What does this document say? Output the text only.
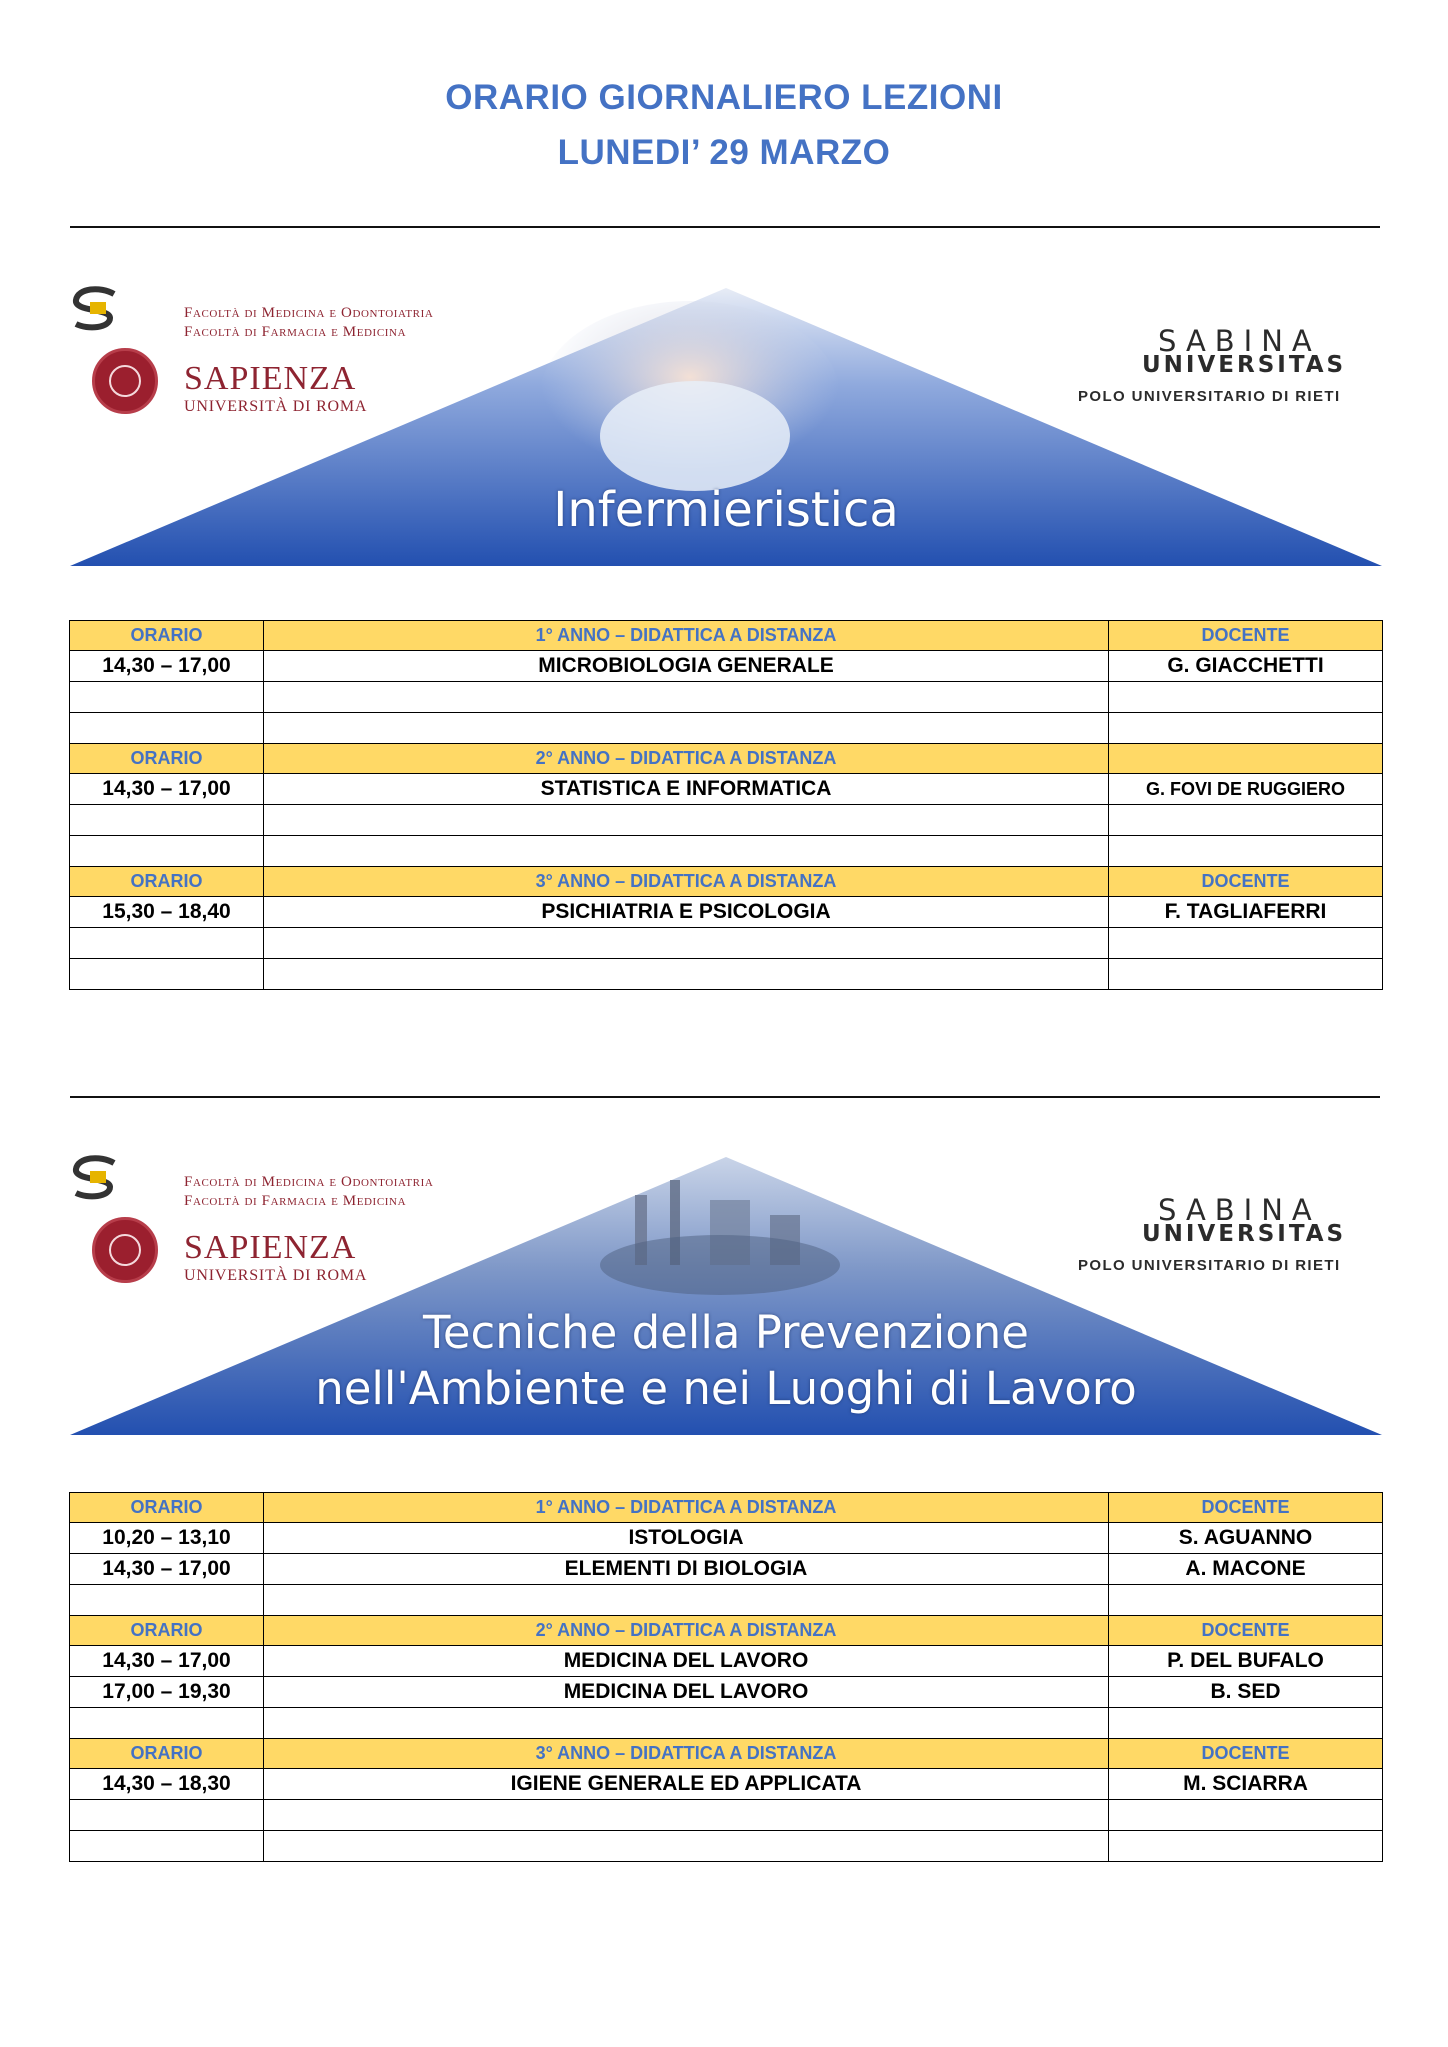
ORARIO GIORNALIERO LEZIONI
LUNEDI’ 29 MARZO
Facoltà di Medicina e Odontoiatria
Facoltà di Farmacia e Medicina
SAPIENZA
UNIVERSITÀ DI ROMA
SABINA
UNIVERSITAS
POLO UNIVERSITARIO DI RIETI
Infermieristica
ORARIO	1° ANNO – DIDATTICA A DISTANZA	DOCENTE
14,30 – 17,00	MICROBIOLOGIA GENERALE	G. GIACCHETTI

ORARIO	2° ANNO – DIDATTICA A DISTANZA	
14,30 – 17,00	STATISTICA E INFORMATICA	G. FOVI DE RUGGIERO

ORARIO	3° ANNO – DIDATTICA A DISTANZA	DOCENTE
15,30 – 18,40	PSICHIATRIA E PSICOLOGIA	F. TAGLIAFERRI

Facoltà di Medicina e Odontoiatria
Facoltà di Farmacia e Medicina
SAPIENZA
UNIVERSITÀ DI ROMA
SABINA
UNIVERSITAS
POLO UNIVERSITARIO DI RIETI
Tecniche della Prevenzione
nell'Ambiente e nei Luoghi di Lavoro
ORARIO	1° ANNO – DIDATTICA A DISTANZA	DOCENTE
10,20 – 13,10	ISTOLOGIA	S. AGUANNO
14,30 – 17,00	ELEMENTI DI BIOLOGIA	A. MACONE

ORARIO	2° ANNO – DIDATTICA A DISTANZA	DOCENTE
14,30 – 17,00	MEDICINA DEL LAVORO	P. DEL BUFALO
17,00 – 19,30	MEDICINA DEL LAVORO	B. SED

ORARIO	3° ANNO – DIDATTICA A DISTANZA	DOCENTE
14,30 – 18,30	IGIENE GENERALE ED APPLICATA	M. SCIARRA
